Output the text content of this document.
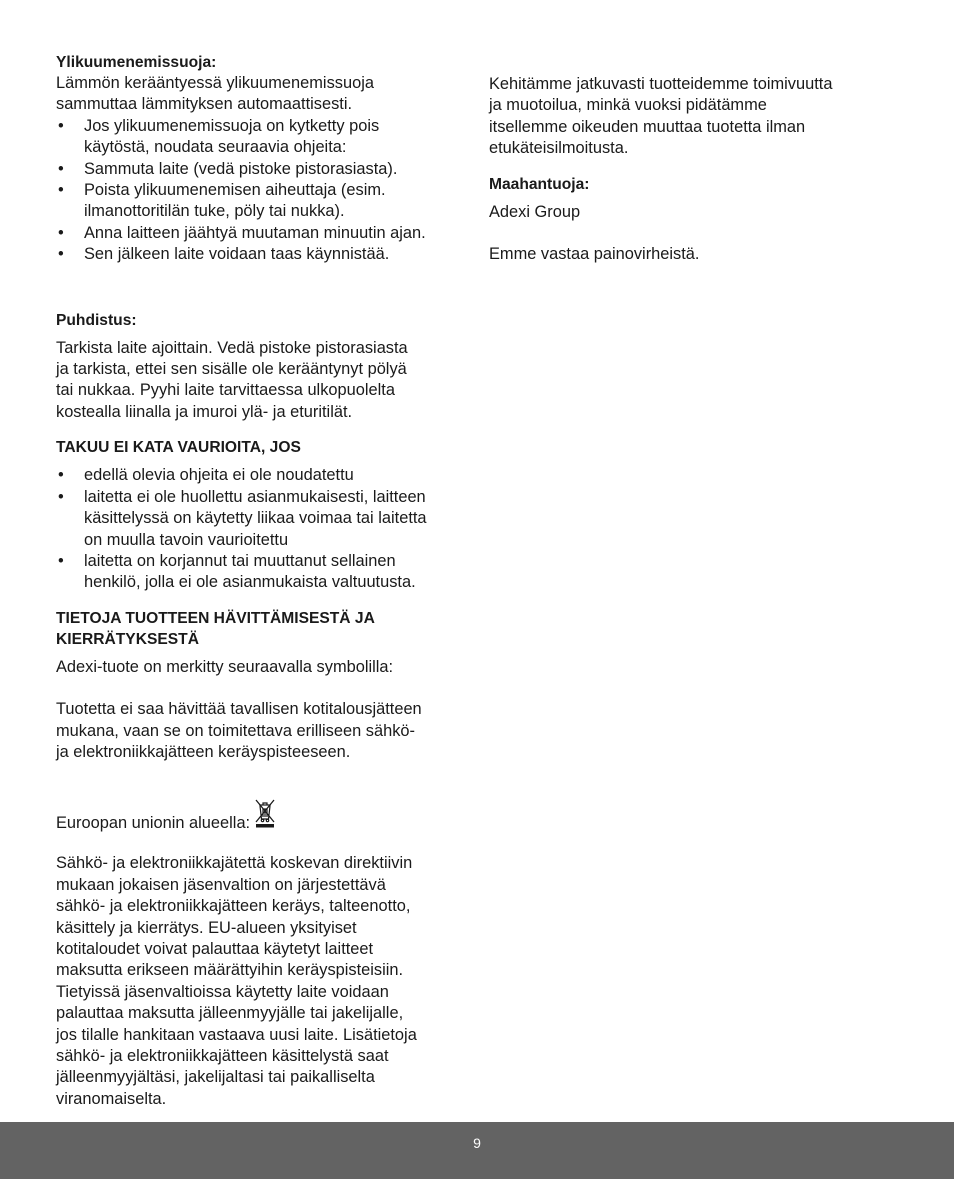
Ylikuumenemissuoja:

Lämmön kerääntyessä ylikuumenemissuoja
sammuttaa lämmityksen automaattisesti.

• Jos ylikuumenemissuoja on kytketty pois
käytöstä, noudata seuraavia ohjeita:
• Sammuta laite (vedä pistoke pistorasiasta).
• Poista ylikuumenemisen aiheuttaja (esim.
ilmanottoritilän tuke, pöly tai nukka).
• Anna laitteen jäähtyä muutaman minuutin ajan.
• Sen jälkeen laite voidaan taas käynnistää.
Puhdistus:

Tarkista laite ajoittain. Vedä pistoke pistorasiasta
ja tarkista, ettei sen sisälle ole kerääntynyt pölyä
tai nukkaa. Pyyhi laite tarvittaessa ulkopuolelta
kostealla liinalla ja imuroi ylä- ja eturitilät.

TAKUU EI KATA VAURIOITA, JOS
• edellä olevia ohjeita ei ole noudatettu
• laitetta ei ole huollettu asianmukaisesti, laitteen
käsittelyssä on käytetty liikaa voimaa tai laitetta
on muulla tavoin vaurioitettu
• laitetta on korjannut tai muuttanut sellainen
henkilö, jolla ei ole asianmukaista valtuutusta.
TIETOJA TUOTTEEN HÄVITTÄMISESTÄ JA
KIERRÄTYKSESTÄ

Adexi-tuote on merkitty seuraavalla symbolilla:

Tuotetta ei saa hävittää tavallisen kotitalousjätteen
mukana, vaan se on toimitettava erilliseen sähkö-
ja elektroniikkajätteen keräyspisteeseen.

Euroopan unionin alueella:

Sähkö- ja elektroniikkajätettä koskevan direktiivin
mukaan jokaisen jäsenvaltion on järjestettävä
sähkö- ja elektroniikkajätteen keräys, talteenotto,
käsittely ja kierrätys. EU-alueen yksityiset
kotitaloudet voivat palauttaa käytetyt laitteet
maksutta erikseen määrättyihin keräyspisteisiin.
Tietyissä jäsenvaltioissa käytetty laite voidaan
palauttaa maksutta jälleenmyyjälle tai jakelijalle,
jos tilalle hankitaan vastaava uusi laite. Lisätietoja
sähkö- ja elektroniikkajätteen käsittelystä saat
jälleenmyyjältäsi, jakelijaltasi tai paikalliselta
viranomaiselta.

Kehitämme jatkuvasti tuotteidemme toimivuutta
ja muotoilua, minkä vuoksi pidätämme
itsellemme oikeuden muuttaa tuotetta ilman
etukäteisilmoitusta.

Maahantuoja:

Adexi Group

Emme vastaa painovirheistä.

9
